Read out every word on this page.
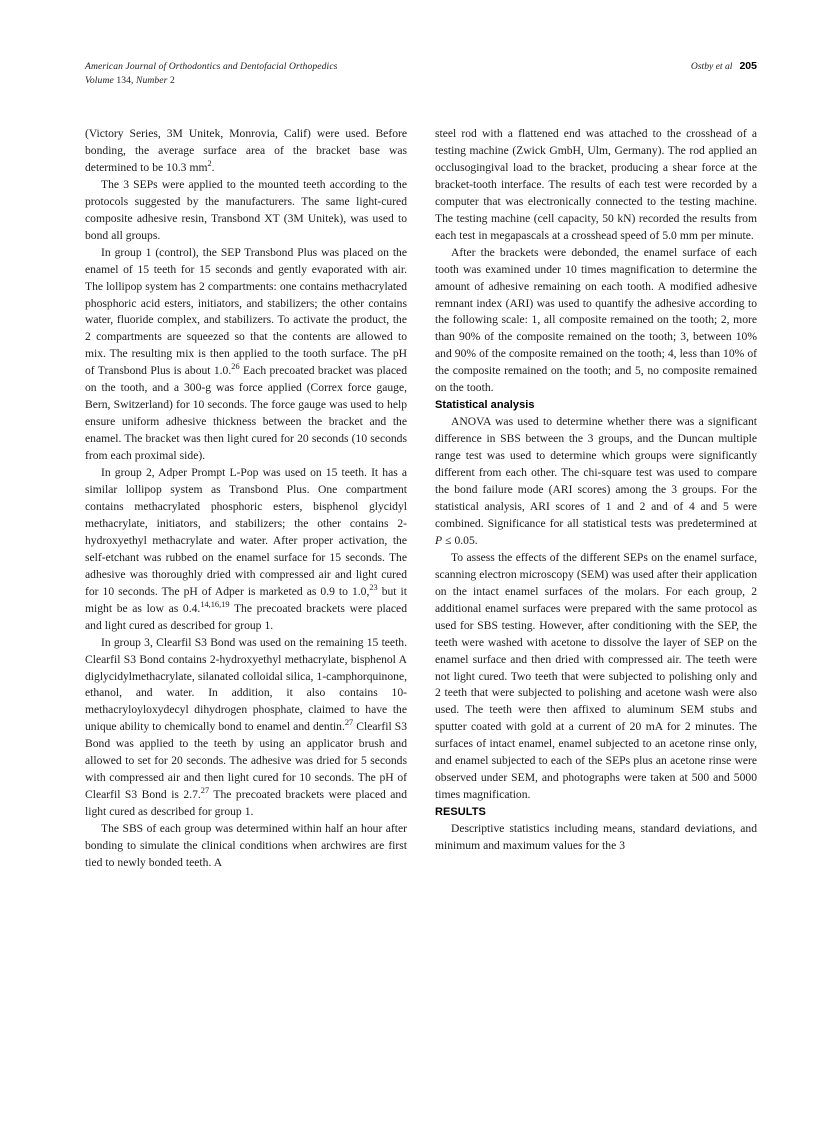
American Journal of Orthodontics and Dentofacial Orthopedics
Volume 134, Number 2
Ostby et al 205

(Victory Series, 3M Unitek, Monrovia, Calif) were used. Before bonding, the average surface area of the bracket base was determined to be 10.3 mm$^2$.

The 3 SEPs were applied to the mounted teeth according to the protocols suggested by the manufacturers. The same light-cured composite adhesive resin, Transbond XT (3M Unitek), was used to bond all groups.

In group 1 (control), the SEP Transbond Plus was placed on the enamel of 15 teeth for 15 seconds and gently evaporated with air. The lollipop system has 2 compartments: one contains methacrylated phosphoric acid esters, initiators, and stabilizers; the other contains water, fluoride complex, and stabilizers. To activate the product, the 2 compartments are squeezed so that the contents are allowed to mix. The resulting mix is then applied to the tooth surface. The pH of Transbond Plus is about 1.0.26 Each precoated bracket was placed on the tooth, and a 300-g was force applied (Correx force gauge, Bern, Switzerland) for 10 seconds. The force gauge was used to help ensure uniform adhesive thickness between the bracket and the enamel. The bracket was then light cured for 20 seconds (10 seconds from each proximal side).

In group 2, Adper Prompt L-Pop was used on 15 teeth. It has a similar lollipop system as Transbond Plus. One compartment contains methacrylated phosphoric esters, bisphenol glycidyl methacrylate, initiators, and stabilizers; the other contains 2-hydroxyethyl methacrylate and water. After proper activation, the self-etchant was rubbed on the enamel surface for 15 seconds. The adhesive was thoroughly dried with compressed air and light cured for 10 seconds. The pH of Adper is marketed as 0.9 to 1.0,23 but it might be as low as 0.4.$^{14,16,19}$ The precoated brackets were placed and light cured as described for group 1.

In group 3, Clearfil S3 Bond was used on the remaining 15 teeth. Clearfil S3 Bond contains 2-hydroxyethyl methacrylate, bisphenol A diglycidylmethacrylate, silanated colloidal silica, 1-camphorquinone, ethanol, and water. In addition, it also contains 10-methacryloyloxydecyl dihydrogen phosphate, claimed to have the unique ability to chemically bond to enamel and dentin.$^{27}$ Clearfil S3 Bond was applied to the teeth by using an applicator brush and allowed to set for 20 seconds. The adhesive was dried for 5 seconds with compressed air and then light cured for 10 seconds. The pH of Clearfil S3 Bond is 2.7.27 The precoated brackets were placed and light cured as described for group 1.

The SBS of each group was determined within half an hour after bonding to simulate the clinical conditions when archwires are first tied to newly bonded teeth. A

steel rod with a flattened end was attached to the crosshead of a testing machine (Zwick GmbH, Ulm, Germany). The rod applied an occlusogingival load to the bracket, producing a shear force at the bracket-tooth interface. The results of each test were recorded by a computer that was electronically connected to the testing machine. The testing machine (cell capacity, 50 kN) recorded the results from each test in megapascals at a crosshead speed of 5.0 mm per minute.

After the brackets were debonded, the enamel surface of each tooth was examined under 10 times magnification to determine the amount of adhesive remaining on each tooth. A modified adhesive remnant index (ARI) was used to quantify the adhesive according to the following scale: 1, all composite remained on the tooth; 2, more than 90% of the composite remained on the tooth; 3, between 10% and 90% of the composite remained on the tooth; 4, less than 10% of the composite remained on the tooth; and 5, no composite remained on the tooth.

Statistical analysis

ANOVA was used to determine whether there was a significant difference in SBS between the 3 groups, and the Duncan multiple range test was used to determine which groups were significantly different from each other. The chi-square test was used to compare the bond failure mode (ARI scores) among the 3 groups. For the statistical analysis, ARI scores of 1 and 2 and of 4 and 5 were combined. Significance for all statistical tests was predetermined at P ≤ 0.05.

To assess the effects of the different SEPs on the enamel surface, scanning electron microscopy (SEM) was used after their application on the intact enamel surfaces of the molars. For each group, 2 additional enamel surfaces were prepared with the same protocol as used for SBS testing. However, after conditioning with the SEP, the teeth were washed with acetone to dissolve the layer of SEP on the enamel surface and then dried with compressed air. The teeth were not light cured. Two teeth that were subjected to polishing only and 2 teeth that were subjected to polishing and acetone wash were also used. The teeth were then affixed to aluminum SEM stubs and sputter coated with gold at a current of 20 mA for 2 minutes. The surfaces of intact enamel, enamel subjected to an acetone rinse only, and enamel subjected to each of the SEPs plus an acetone rinse were observed under SEM, and photographs were taken at 500 and 5000 times magnification.

RESULTS

Descriptive statistics including means, standard deviations, and minimum and maximum values for the 3
